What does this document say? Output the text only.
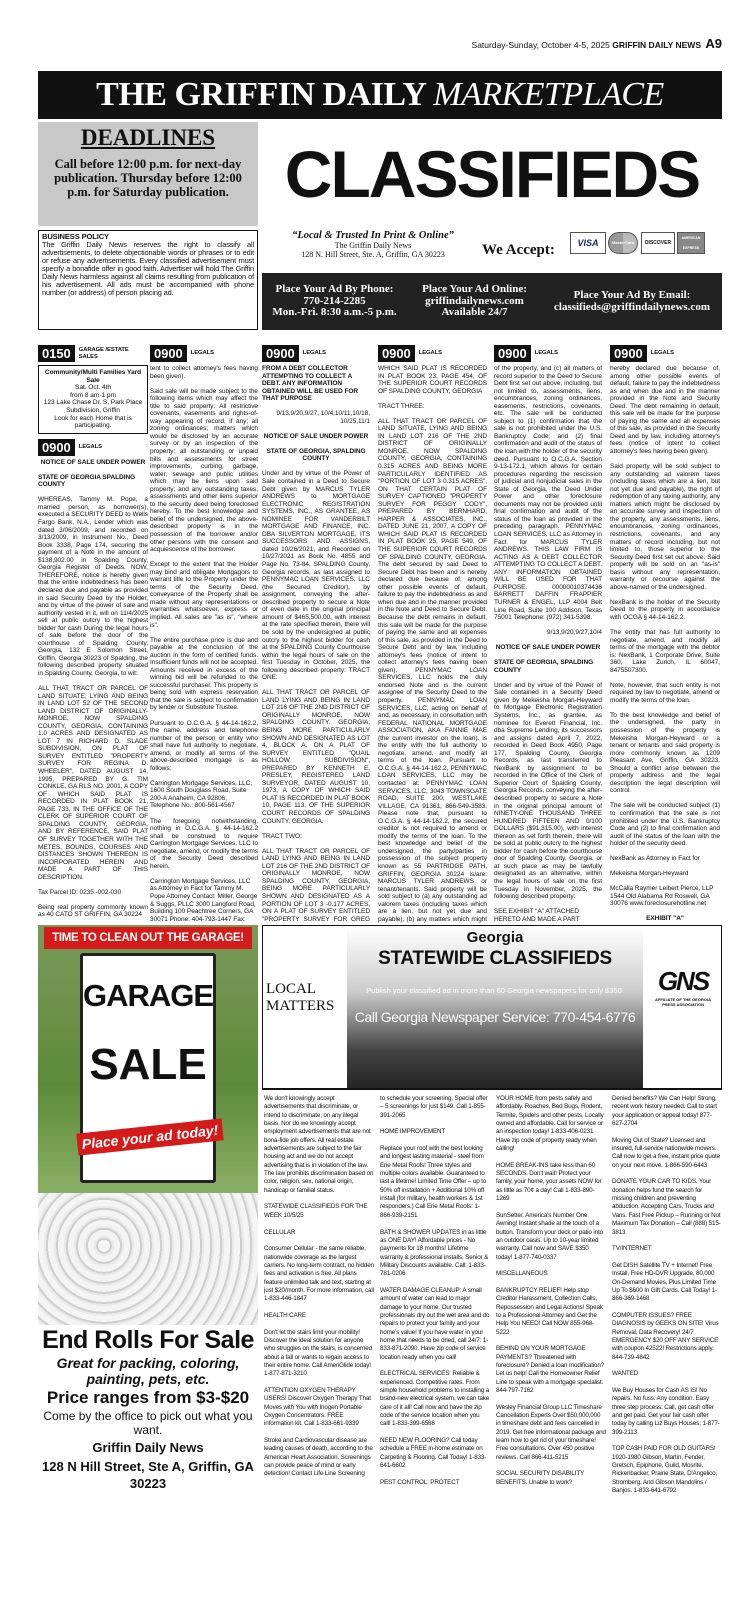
Saturday-Sunday, October 4-5, 2025 GRIFFIN DAILY NEWS A9
THE GRIFFIN DAILY MARKETPLACE
DEADLINES
Call before 12:00 p.m. for next-day publication. Thursday before 12:00 p.m. for Saturday publication. CLASSIFIEDS
BUSINESS POLICY
The Griffin Daily News reserves the right to classify all advertisements, to delete objectionable words or phrases or to edit or refuse any advertisements. Every classified advertisement must specify a bonafide offer in good faith. Advertiser will hold The Griffin Daily News harmless against all claims resulting from publication of his advertisement. All ads must be accompanied with phone number (or address) of person placing ad.
“Local & Trusted In Print & Online”
The Griffin Daily News
128 N. Hill Street, Ste. A, Griffin, GA 30223	We Accept:	VISA	MasterCard	DISCOVER
AMERICAN EXPRESS
Place Your Ad By Phone:
770-214-2285
Mon.-Fri. 8:30 a.m.-5 p.m.
Place Your Ad Online:
griffindailynews.com
Available 24/7
Place Your Ad By Email:
classifieds@griffindailynews.com
0150	GARAGE /ESTATE SALES
Community/Multi Families Yard Sale
Sat. Oct. 4th
from 8 am-1 pm
123 Lake Chase Dr. S, Park Place Subdivision, Griffin
Look for each Home that is participating.
0900	LEGALS

NOTICE OF SALE UNDER POWER

STATE OF GEORGIA SPALDING COUNTY

WHEREAS, Tammy M. Pope, a married person, as borrower(s), executed a SECURITY DEED to Wells Fargo Bank, N.A., Lender which was dated 3/06/2009, and recorded on 3/13/2009, in Instrument No., Deed Book 3338, Page 174, securing the payment of a Note in the amount of $138,902.00 in Spalding County, Georgia Register of Deeds. NOW, THEREFORE, notice is hereby given that the entire indebtedness has been declared due and payable as provided in said Security Deed by the Holder, and by virtue of the power of sale and authority vested in it, will on 11/4/2025 sell at public outcry to the highest bidder for cash During the legal hours of sale before the door of the courthouse of Spalding County, Georgia, 132 E Solomon Street, Griffin, Georgia 30223 of Spalding, the following described property situated in Spalding County, Georgia, to wit:

ALL THAT TRACT OR PARCEL OF LAND SITUATE, LYING AND BEING IN LAND LOT 52 OF THE SECOND LAND DISTRICT OF ORIGINALLY-MONROE, NOW SPALDING COUNTY, GEORGIA, CONTAINING 1.0 ACRES AND DESIGNATED AS LOT 7 IN RICHARD D. SLADE SUBDIVISION, ON PLAT OF SURVEY ENTITLED "PROPERTY SURVEY FOR REGINA D. WHEELER", DATED AUGUST 14, 1995, PREPARED BY G. TIM CONKLE, GA RLS NO. 2001, A COPY OF WHICH SAID PLAT IS RECORDED IN PLAT BOOK 21, PAGE 733, IN THE OFFICE OF THE CLERK OF SUPERIOR COURT OF SPALDING COUNTY, GEORGIA, AND BY REFERENCE, SAID PLAT OF SURVEY TOGETHER WITH THE METES, BOUNDS, COURSES AND DISTANCES SHOWN THEREON IS INCORPORATED HEREIN AND MADE A PART OF THIS DESCRIPTION.

Tax Parcel ID: 0235 -002-030

Being real property commonly known as 40 CATO ST GRIFFIN, GA 30224

0900	LEGALS

tent to collect attorney's fees having been given).

Said sale will be made subject to the following items which may affect the title to said property: All restrictive covenants, easements and rights-of-way appearing of record, if any; all zoning ordinances; matters which would be disclosed by an accurate survey or by an inspection of the property; all outstanding or unpaid bills and assessments for street improvements, curbing, garbage, water, sewage and public utilities which may be liens upon said property; and any outstanding taxes, assessments and other liens superior to the security deed being foreclosed hereby. To the best knowledge and belief of the undersigned, the above-described property is in the possession of the borrower and/or other persons with the consent and acquiescence of the borrower.

Except to the extent that the Holder may bind and obligate Mortgagors to warrant title to the Property under the terms of the Security Deed, conveyance of the Property shall be made without any representations or warranties whatsoever, express or implied. All sales are "as is", "where is".

The entire purchase price is due and payable at the conclusion of the auction in the form of certified funds. Insufficient funds will not be accepted. Amounts received in excess of the winning bid will be refunded to the successful purchaser. This property is being sold with express reservation that the sale is subject to confirmation by lender or Substitute Trustee.

Pursuant to O.C.G.A. § 44-14-162.2, the name, address and telephone number of the person or entity who shall have full authority to negotiate, amend, or modify all terms of the above-described mortgage is as follows:

Carrington Mortgage Services, LLC, 1600 South Douglass Road, Suite 200-A Anaheim, CA 92806, Telephone No.: 800-561-4567

The foregoing notwithstanding, nothing in O.C.G.A. § 44-14-162.2 shall be construed to require Carrington Mortgage Services, LLC to negotiate, amend, or modify the terms of the Security Deed described herein.

Carrington Mortgage Services, LLC as Attorney in Fact for Tammy M. Pope Attorney Contact: Miller, George & Suggs, PLLC 3000 Langford Road, Building 100 Peachtree Corners, GA 30071 Phone: 404-793-1447 Fax:

0900	LEGALS

FROM A DEBT COLLECTOR ATTEMPTING TO COLLECT A DEBT. ANY INFORMATION OBTAINED WILL BE USED FOR THAT PURPOSE

9/13,9/20,9/27, 10/4,10/11,10/18, 10/25,11/1

NOTICE OF SALE UNDER POWER

STATE OF GEORGIA, SPALDING COUNTY

Under and by virtue of the Power of Sale contained in a Deed to Secure Debt given by MARCUS TYLER ANDREWS to MORTGAGE ELECTRONIC REGISTRATION SYSTEMS, INC., AS GRANTEE, AS NOMINEE FOR VANDERBILT MORTGAGE AND FINANCE, INC. DBA SILVERTON MORTGAGE, ITS SUCCESSORS AND ASSIGNS, dated 10/26/2021, and Recorded on 10/27/2021 as Book No. 4855 and Page No. 73-84, SPALDING County, Georgia records, as last assigned to PENNYMAC LOAN SERVICES, LLC (the Secured Creditor), by assignment, conveying the after-described property to secure a Note of even date in the original principal amount of $465,500.00, with interest at the rate specified therein, there will be sold by the undersigned at public outcry to the highest bidder for cash at the SPALDING County Courthouse within the legal hours of sale on the first Tuesday in October, 2025, the following described property: TRACT ONE:

ALL THAT TRACT OR PARCEL OF LAND LYING AND BEING IN LAND LOT 216 OF THE 2ND DISTRICT OF ORIGINALLY MONROE, NOW SPALDING COUNTY, GEORGIA, BEING MORE PARTICULARLY SHOWN AND DESIGNATED AS LOT 4, BLOCK A, ON A PLAT OF SURVEY ENTITLED "QUAIL HOLLOW SUBDIVISION", PREPARED BY KENNETH E. PRESLEY, REGISTERED LAND SURVEYOR, DATED AUGUST 10, 1973, A COPY OF WHICH SAID PLAT IS RECORDED IN PLAT BOOK 10, PAGE 113, OF THE SUPERIOR COURT RECORDS OF SPALDING COUNTY, GEORGIA.

TRACT TWO:

ALL THAT TRACT OR PARCEL OF LAND LYING AND BEING IN LAND LOT 216 OF THE 2ND DISTRICT OF ORIGINALLY MONROE, NOW SPALDING COUNTY, GEORGIA, BEING MORE PARTICULARLY SHOWN AND DESIGNATED AS A PORTION OF LOT 3 -0.177 ACRES, ON A PLAT OF SURVEY ENTITLED "PROPERTY SURVEY FOR GREG

0900	LEGALS

WHICH SAID PLAT IS RECORDED IN PLAT BOOK 23, PAGE 454, OF THE SUPERIOR COURT RECORDS OF SPALDING COUNTY, GEORGIA

TRACT THREE:

ALL THAT TRACT OR PARCEL OF LAND SITUATE, LYING AND BEING IN LAND LOT 216 OF THE 2ND DISTRICT OF ORIGINALLY MONROE, NOW SPALDING COUNTY, GEORGIA, CONTAINING 0.315 ACRES AND BEING MORE PARTICULARLY IDENTIFIED AS "PORTION OF LOT 3 0.315 ACRES", ON THAT CERTAIN PLAT OF SURVEY CAPTIONED "PROPERTY SURVEY FOR PEGGY CODY", PREPARED BY BERNHARD, HARPER & ASSOCIATES, INC., DATED JUNE 21, 2007, A COPY OF WHICH SAID PLAT IS RECORDED IN PLAT BOOK 25, PAGE 549, OF THE SUPERIOR COURT RECORDS OF SPALDING COUNTY, GEORGIA. The debt secured by said Deed to Secure Debt has been and is hereby declared due because of, among other possible events of default, failure to pay the indebtedness as and when due and in the manner provided in the Note and Deed to Secure Debt. Because the debt remains in default, this sale will be made for the purpose of paying the same and all expenses of this sale, as provided in the Deed to Secure Debt and by law, including attorney's fees (notice of intent to collect attorney's fees having been given). PENNYMAC LOAN SERVICES, LLC holds the duly endorsed Note and is the current assignee of the Security Deed to the property. PENNYMAC LOAN SERVICES, LLC, acting on behalf of and, as necessary, in consultation with FEDERAL NATIONAL MORTGAGE ASSOCIATION, AKA FANNIE MAE (the current investor on the loan), is the entity with the full authority to negotiate, amend, and modify all terms of the loan. Pursuant to O.C.G.A. § 44-14-162.2, PENNYMAC LOAN SERVICES, LLC may be contacted at: PENNYMAC LOAN SERVICES, LLC, 3043 TOWNSGATE ROAD, SUITE 200, WESTLAKE VILLAGE, CA 91361, 866-549-3583. Please note that, pursuant to O.C.G.A. § 44-14-162.2, the secured creditor is not required to amend or modify the terms of the loan. To the best knowledge and belief of the undersigned, the party/parties in possession of the subject property known as 55 PARTRIDGE PATH, GRIFFIN, GEORGIA 30224 is/are: MARCUS TYLER ANDREWS or tenant/tenants. Said property will be sold subject to (a) any outstanding ad valorem taxes (including taxes which are a lien, but not yet due and payable), (b) any matters which might

0900	LEGALS

of the property, and (c) all matters of record superior to the Deed to Secure Debt first set out above, including, but not limited to, assessments, liens, encumbrances, zoning ordinances, easements, restrictions, covenants, etc. The sale will be conducted subject to (1) confirmation that the sale is not prohibited under the U.S. Bankruptcy Code; and (2) final confirmation and audit of the status of the loan with the holder of the security deed. Pursuant to O.C.G.A. Section 9-13-172.1, which allows for certain procedures regarding the rescission of judicial and nonjudicial sales in the State of Georgia, the Deed Under Power and other foreclosure documents may not be provided until final confirmation and audit of the status of the loan as provided in the preceding paragraph. PENNYMAC LOAN SERVICES, LLC as Attorney in Fact for MARCUS TYLER ANDREWS. THIS LAW FIRM IS ACTING AS A DEBT COLLECTOR ATTEMPTING TO COLLECT A DEBT. ANY INFORMATION OBTAINED WILL BE USED FOR THAT PURPOSE. 00000010374436 BARRETT DAFFIN FRAPPIER TURNER & ENGEL, LLP 4004 Belt Line Road, Suite 100 Addison, Texas 75001 Telephone: (972) 341-5398.

9/13,9/20,9/27,10/4

NOTICE OF SALE UNDER POWER

STATE OF GEORGIA, SPALDING COUNTY

Under and by virtue of the Power of Sale contained in a Security Deed given by Mekeisha Morgan-Heyward to Mortgage Electronic Registration Systems, Inc., as grantee, as nominee for Everett Financial, Inc. dba Supreme Lending, its successors and assigns dated April 7, 2022, recorded in Deed Book 4950, Page 177, Spalding County, Georgia Records, as last transferred to NexBank by assignment to be recorded in the Office of the Clerk of Superior Court of Spalding County, Georgia Records, conveying the after-described property to secure a Note in the original principal amount of NINETY-ONE THOUSAND THREE HUNDRED FIFTEEN AND 0/100 DOLLARS ($91,315.00), with interest thereon as set forth therein, there will be sold at public outcry to the highest bidder for cash before the courthouse door of Spalding County, Georgia, or at such place as may be lawfully designated as an alternative, within the legal hours of sale on the first Tuesday in November, 2025, the following described property:

SEE EXHIBIT "A" ATTACHED HERETO AND MADE A PART

0900	LEGALS

hereby declared due because of, among other possible events of default, failure to pay the indebtedness as and when due and in the manner provided in the Note and Security Deed. The debt remaining in default, this sale will be made for the purpose of paying the same and all expenses of this sale, as provided in the Security Deed and by law, including attorney's fees (notice of intent to collect attorney's fees having been given).

Said property will be sold subject to any outstanding ad valorem taxes (including taxes which are a lien, but not yet due and payable), the right of redemption of any taxing authority, any matters which might be disclosed by an accurate survey and inspection of the property, any assessments, liens, encumbrances, zoning ordinances, restrictions, covenants, and any matters of record including, but not limited to, those superior to the Security Deed first set out above. Said property will be sold on an "as-is" basis without any representation, warranty or recourse against the above-named or the undersigned.

NexBank is the holder of the Security Deed to the property in accordance with OCGA § 44-14-162.2.

The entity that has full authority to negotiate, amend, and modify all terms of the mortgage with the debtor is: NexBank, 1 Corporate Drive, Suite 360, Lake Zurich, IL 60047, 8475507300.

Note, however, that such entity is not required by law to negotiate, amend or modify the terms of the loan.

To the best knowledge and belief of the undersigned, the party in possession of the property is Mekeisha Morgan-Heyward or a tenant or tenants and said property is more commonly known as 1209 Pleasant Ave, Griffin, GA 30223. Should a conflict arise between the property address and the legal description the legal description will control.

The sale will be conducted subject (1) to confirmation that the sale is not prohibited under the U.S. Bankruptcy Code and (2) to final confirmation and audit of the status of the loan with the holder of the security deed.

NexBank as Attorney in Fact for

Mekeisha Morgan-Heyward

McCalla Raymer Leibert Pierce, LLP 1544 Old Alabama Rd Roswell, GA 30076 www.foreclosurehotline.net

EXHIBIT "A"

TIME TO CLEAN OUT THE GARAGE!
GARAGE
SALE
Place your ad today!
End Rolls For Sale
Great for packing, coloring, painting, pets, etc.
Price ranges from $3-$20
Come by the office to pick out what you want.
Griffin Daily News
128 N Hill Street, Ste A, Griffin, GA 30223
LOCAL MATTERS
Georgia
STATEWIDE CLASSIFIEDS
Publish your classified ad in more than 60 Georgia newspapers for only $350.
Call Georgia Newspaper Service: 770-454-6776
GNS
AFFILIATE OF THE GEORGIA PRESS ASSOCIATION

We don't knowingly accept advertisements that discriminate, or intend to discriminate, on any illegal basis. Nor do we knowingly accept employment advertisements that are not bona-fide job offers. All real estate advertisements are subject to the fair housing act and we do not accept advertising that is in violation of the law. The law prohibits discrimination based on color, religion, sex, national origin, handicap or familial status.

STATEWIDE CLASSIFIEDS FOR THE WEEK 10/5/25

CELLULAR

Consumer Cellular - the same reliable, nationwide coverage as the largest carriers. No long-term contract, no hidden fees and activation is free. All plans feature unlimited talk and text, starting at just $20/month. For more information, call 1-833-446-1847

HEALTH CARE

Don't let the stairs limit your mobility! Discover the ideal solution for anyone who struggles on the stairs, is concerned about a fall or wants to regain access to their entire home. Call AmeriGlide today! 1-877-871-3210

ATTENTION OXYGEN THERAPY USERS! Discover Oxygen Therapy That Moves with You with Inogen Portable Oxygen Concentrators. FREE information kit. Call 1-833-661-9339

Stroke and Cardiovascular disease are leading causes of death, according to the American Heart Association. Screenings can provide peace of mind or early detection! Contact Life Line Screening

to schedule your screening. Special offer – 5 screenings for just $149. Call 1-855-391-2065

HOME IMPROVEMENT

Replace your roof with the best looking and longest lasting material - steel from Erie Metal Roofs! Three styles and multiple colors available. Guaranteed to last a lifetime! Limited Time Offer – up to 50% off installation + Additional 10% off install (for military, health workers & 1st responders.) Call Erie Metal Roofs: 1-866-939-2151

BATH & SHOWER UPDATES in as little as ONE DAY! Affordable prices - No payments for 18 months! Lifetime warranty & professional installs. Senior & Military Discounts available. Call: 1-833-781-0206

WATER DAMAGE CLEANUP: A small amount of water can lead to major damage to your home. Our trusted professionals dry out the wet area and do repairs to protect your family and your home's value! If you have water in your home that needs to be dried, call 24/7: 1-833-871-2090. Have zip code of service location ready when you call!

ELECTRICAL SERVICES: Reliable & experienced. Competitive rates. From simple household problems to installing a brand-new electrical system, we can take care of it all! Call now and have the zip code of the service location when you call! 1-833-399-6566

NEED NEW FLOORING? Call today schedule a FREE in-home estimate on Carpeting & Flooring. Call Today! 1-833-641-6602

PEST CONTROL: PROTECT

YOUR HOME from pests safely and affordably. Roaches, Bed Bugs, Rodent, Termite, Spiders and other pests. Locally owned and affordable. Call for service or an inspection today! 1-833-406-0231 Have zip code of property ready when calling!

HOME BREAK-INS take less than 60 SECONDS. Don't wait! Protect your family, your home, your assets NOW for as little as 70¢ a day! Call 1-833-890-1269

SunSetter. America's Number One Awning! Instant shade at the touch of a button. Transform your deck or patio into an outdoor oasis. Up to 10-year limited warranty. Call now and SAVE $350 today! 1-877-740-0337

MISCELLANEOUS

BANKRUPTCY RELIEF! Help stop Creditor Harassment, Collection Calls, Repossession and Legal Actions! Speak to a Professional Attorney and Get the Help You NEED! Call NOW 855-968-5222

BEHIND ON YOUR MORTGAGE PAYMENTS? Threatened with foreclosure? Denied a loan modification? Let us help! Call the Homeowner Relief Line to speak with a mortgage specialist. 844-797-7162

Wesley Financial Group LLC Timeshare Cancellation Experts Over $50,000,000 in timeshare debt and fees cancelled in 2019. Get free informational package and learn how to get rid of your timeshare! Free consultations. Over 450 positive reviews. Call 866-411-5215

SOCIAL SECURITY DISABILITY BENEFITS. Unable to work?

Denied benefits? We Can Help! Strong, recent work history needed. Call to start your application or appeal today! 877-627-2704

Moving Out of State? Licensed and insured, full-service nationwide movers. Call now to get a free, instant price quote on your next move. 1-866-590-6443

DONATE YOUR CAR TO KIDS. Your donation helps fund the search for missing children and preventing abduction. Accepting Cars, Trucks and Vans. Fast Free Pickup – Running or Not Maximum Tax Donation – Call (888) 515-3813

TV/INTERNET

Get DISH Satellite TV + Internet! Free Install, Free HD-DVR Upgrade, 80,000 On-Demand Movies, Plus Limited Time Up To $600 In Gift Cards. Call Today! 1-866-369-1468

COMPUTER ISSUES? FREE DIAGNOSIS by GEEKS ON SITE! Virus Removal, Data Recovery! 24/7 EMERGENCY $20 OFF ANY SERVICE with coupon 42522! Restrictions apply. 844-739-4842

WANTED

We Buy Houses for Cash AS IS! No repairs. No fuss. Any condition. Easy three step process: Call, get cash offer and get paid. Get your fair cash offer today by calling Liz Buys Houses: 1-877-399-2113

TOP CA$H PAID FOR OLD GUITARS! 1920-1980 Gibson, Martin, Fender, Gretsch, Epiphone, Guild, Mosrite, Rickenbacker, Prairie State, D'Angelico, Stromberg. And Gibson Mandolins / Banjos. 1-833-641-6792
